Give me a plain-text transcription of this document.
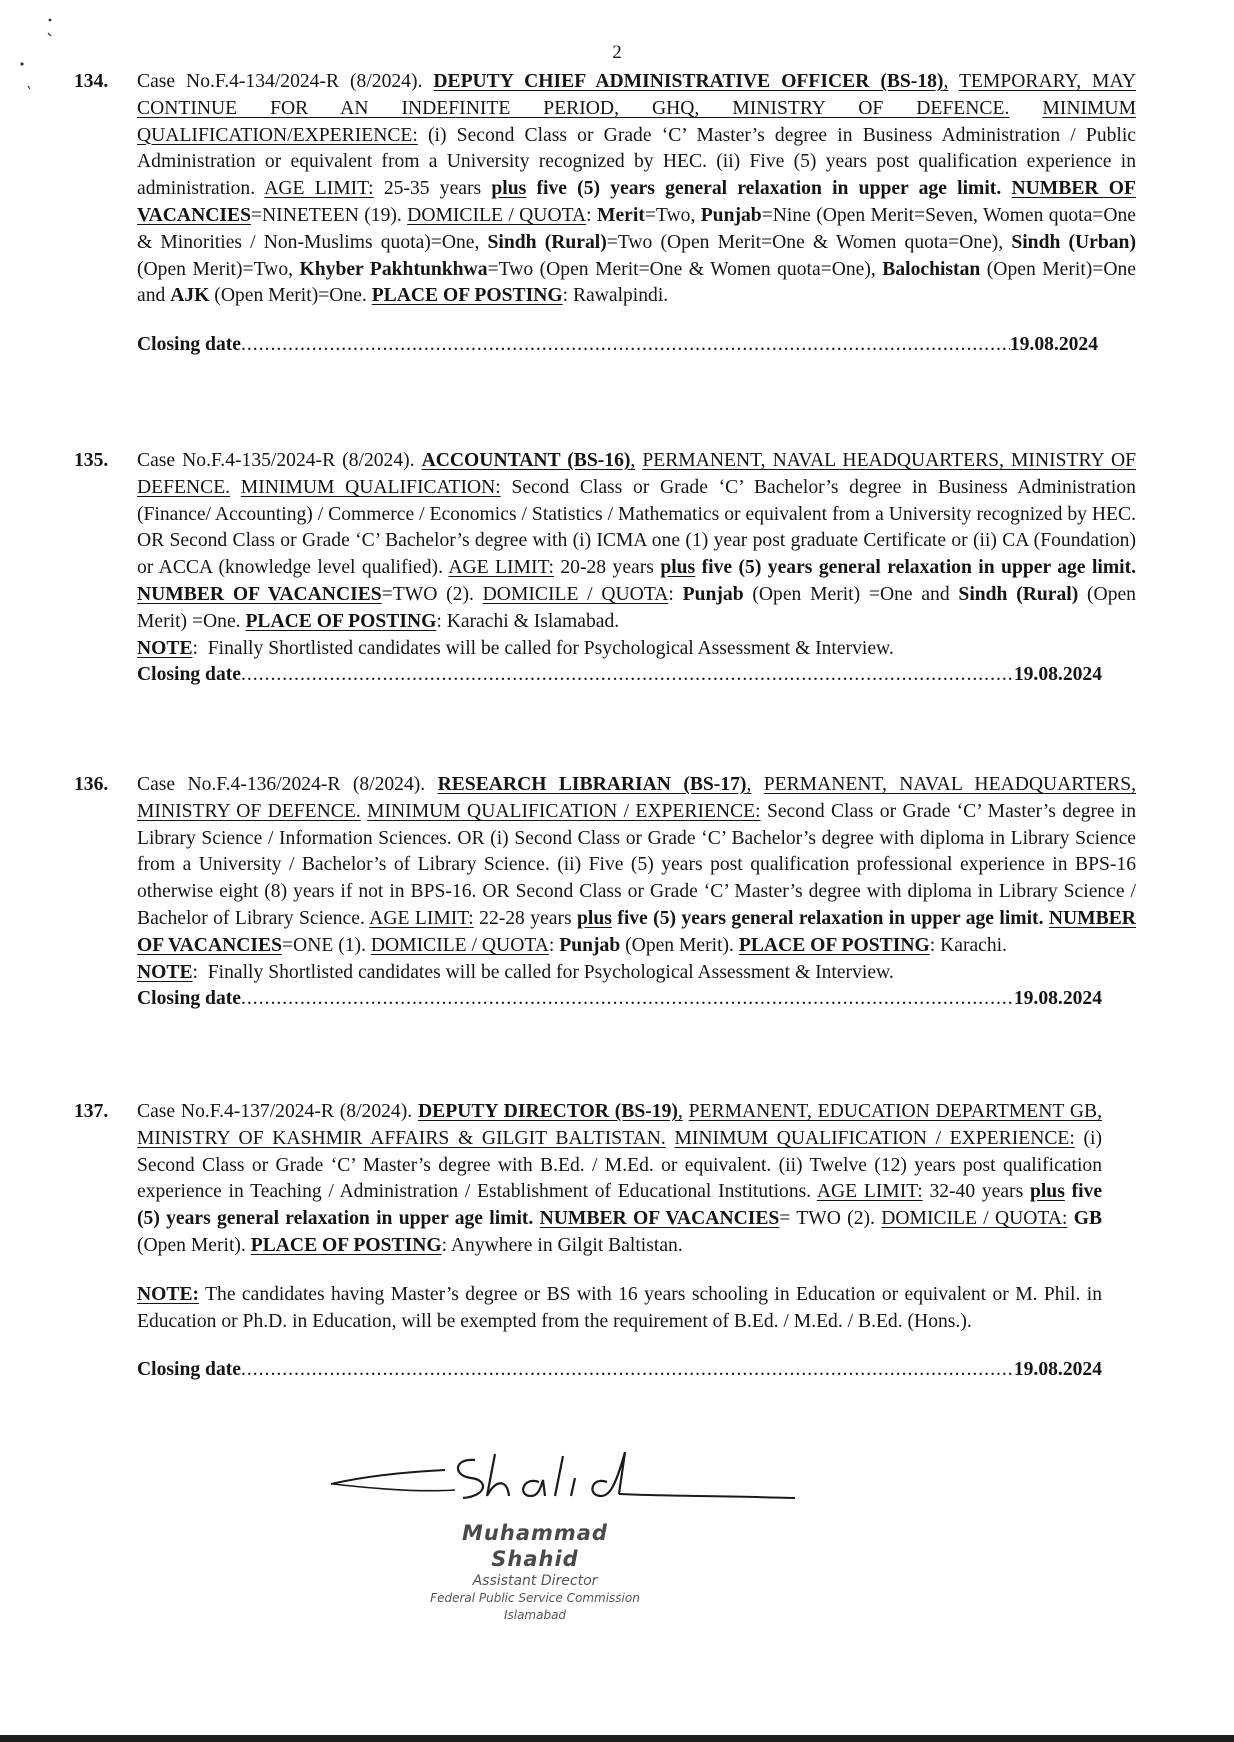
2
134. Case No.F.4-134/2024-R (8/2024). DEPUTY CHIEF ADMINISTRATIVE OFFICER (BS-18), TEMPORARY, MAY CONTINUE FOR AN INDEFINITE PERIOD, GHQ, MINISTRY OF DEFENCE. MINIMUM QUALIFICATION/EXPERIENCE: (i) Second Class or Grade ‘C’ Master’s degree in Business Administration / Public Administration or equivalent from a University recognized by HEC. (ii) Five (5) years post qualification experience in administration. AGE LIMIT: 25-35 years plus five (5) years general relaxation in upper age limit. NUMBER OF VACANCIES=NINETEEN (19). DOMICILE / QUOTA: Merit=Two, Punjab=Nine (Open Merit=Seven, Women quota=One & Minorities / Non-Muslims quota)=One, Sindh (Rural)=Two (Open Merit=One & Women quota=One), Sindh (Urban) (Open Merit)=Two, Khyber Pakhtunkhwa=Two (Open Merit=One & Women quota=One), Balochistan (Open Merit)=One and AJK (Open Merit)=One. PLACE OF POSTING: Rawalpindi.
Closing date .....	19.08.2024
135. Case No.F.4-135/2024-R (8/2024). ACCOUNTANT (BS-16), PERMANENT, NAVAL HEADQUARTERS, MINISTRY OF DEFENCE. MINIMUM QUALIFICATION: Second Class or Grade ‘C’ Bachelor’s degree in Business Administration (Finance/ Accounting) / Commerce / Economics / Statistics / Mathematics or equivalent from a University recognized by HEC. OR Second Class or Grade ‘C’ Bachelor’s degree with (i) ICMA one (1) year post graduate Certificate or (ii) CA (Foundation) or ACCA (knowledge level qualified). AGE LIMIT: 20-28 years plus five (5) years general relaxation in upper age limit. NUMBER OF VACANCIES=TWO (2). DOMICILE / QUOTA: Punjab (Open Merit) =One and Sindh (Rural) (Open Merit) =One. PLACE OF POSTING: Karachi & Islamabad.
NOTE:  Finally Shortlisted candidates will be called for Psychological Assessment & Interview.
Closing date .....	19.08.2024
136. Case No.F.4-136/2024-R (8/2024). RESEARCH LIBRARIAN (BS-17), PERMANENT, NAVAL HEADQUARTERS, MINISTRY OF DEFENCE. MINIMUM QUALIFICATION / EXPERIENCE: Second Class or Grade ‘C’ Master’s degree in Library Science / Information Sciences. OR (i) Second Class or Grade ‘C’ Bachelor’s degree with diploma in Library Science from a University / Bachelor’s of Library Science. (ii) Five (5) years post qualification professional experience in BPS-16 otherwise eight (8) years if not in BPS-16. OR Second Class or Grade ‘C’ Master’s degree with diploma in Library Science / Bachelor of Library Science. AGE LIMIT: 22-28 years plus five (5) years general relaxation in upper age limit. NUMBER OF VACANCIES=ONE (1). DOMICILE / QUOTA: Punjab (Open Merit). PLACE OF POSTING: Karachi.
NOTE:  Finally Shortlisted candidates will be called for Psychological Assessment & Interview.
Closing date .....	19.08.2024
137. Case No.F.4-137/2024-R (8/2024). DEPUTY DIRECTOR (BS-19), PERMANENT, EDUCATION DEPARTMENT GB, MINISTRY OF KASHMIR AFFAIRS & GILGIT BALTISTAN. MINIMUM QUALIFICATION / EXPERIENCE: (i) Second Class or Grade ‘C’ Master’s degree with B.Ed. / M.Ed. or equivalent. (ii) Twelve (12) years post qualification experience in Teaching / Administration / Establishment of Educational Institutions. AGE LIMIT: 32-40 years plus five (5) years general relaxation in upper age limit. NUMBER OF VACANCIES= TWO (2). DOMICILE / QUOTA: GB (Open Merit). PLACE OF POSTING: Anywhere in Gilgit Baltistan.
NOTE: The candidates having Master’s degree or BS with 16 years schooling in Education or equivalent or M. Phil. in Education or Ph.D. in Education, will be exempted from the requirement of B.Ed. / M.Ed. / B.Ed. (Hons.).
Closing date .....	19.08.2024
Muhammad Shahid
Assistant Director
Federal Public Service Commission
Islamabad
